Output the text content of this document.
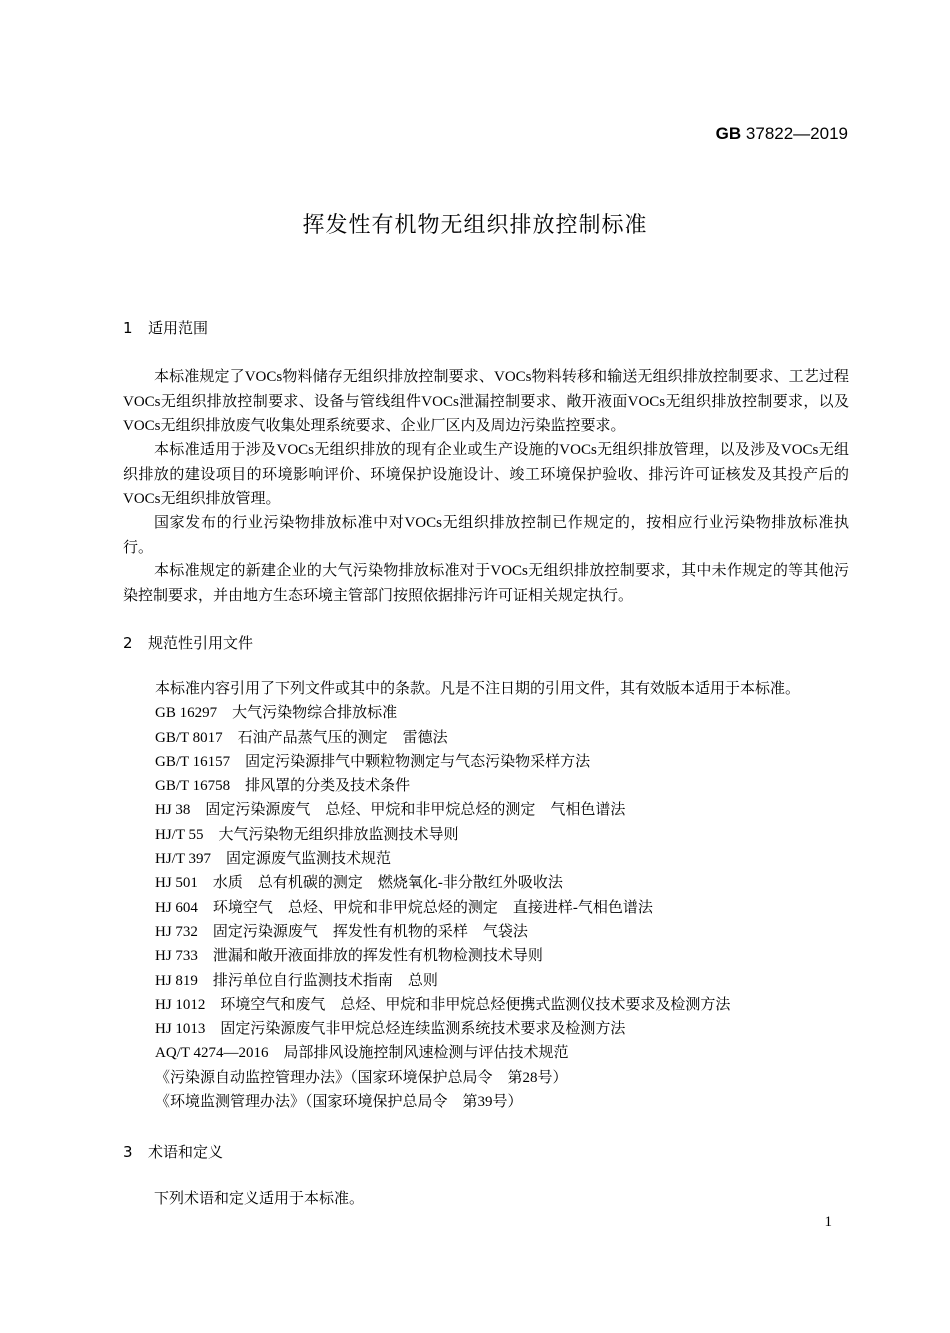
GB 37822—2019
挥发性有机物无组织排放控制标准
1 适用范围
本标准规定了VOCs物料储存无组织排放控制要求、VOCs物料转移和输送无组织排放控制要求、工艺过程VOCs无组织排放控制要求、设备与管线组件VOCs泄漏控制要求、敞开液面VOCs无组织排放控制要求，以及VOCs无组织排放废气收集处理系统要求、企业厂区内及周边污染监控要求。
本标准适用于涉及VOCs无组织排放的现有企业或生产设施的VOCs无组织排放管理，以及涉及VOCs无组织排放的建设项目的环境影响评价、环境保护设施设计、竣工环境保护验收、排污许可证核发及其投产后的VOCs无组织排放管理。
国家发布的行业污染物排放标准中对VOCs无组织排放控制已作规定的，按相应行业污染物排放标准执行。
本标准规定的新建企业的大气污染物排放标准对于VOCs无组织排放控制要求，其中未作规定的等其他污染控制要求，并由地方生态环境主管部门按照依据排污许可证相关规定执行。
2 规范性引用文件
本标准内容引用了下列文件或其中的条款。凡是不注日期的引用文件，其有效版本适用于本标准。
GB 16297　大气污染物综合排放标准
GB/T 8017　石油产品蒸气压的测定　雷德法
GB/T 16157　固定污染源排气中颗粒物测定与气态污染物采样方法
GB/T 16758　排风罩的分类及技术条件
HJ 38　固定污染源废气　总烃、甲烷和非甲烷总烃的测定　气相色谱法
HJ/T 55　大气污染物无组织排放监测技术导则
HJ/T 397　固定源废气监测技术规范
HJ 501　水质　总有机碳的测定　燃烧氧化-非分散红外吸收法
HJ 604　环境空气　总烃、甲烷和非甲烷总烃的测定　直接进样-气相色谱法
HJ 732　固定污染源废气　挥发性有机物的采样　气袋法
HJ 733　泄漏和敞开液面排放的挥发性有机物检测技术导则
HJ 819　排污单位自行监测技术指南　总则
HJ 1012　环境空气和废气　总烃、甲烷和非甲烷总烃便携式监测仪技术要求及检测方法
HJ 1013　固定污染源废气非甲烷总烃连续监测系统技术要求及检测方法
AQ/T 4274—2016　局部排风设施控制风速检测与评估技术规范
《污染源自动监控管理办法》（国家环境保护总局令　第28号）
《环境监测管理办法》（国家环境保护总局令　第39号）
3 术语和定义
下列术语和定义适用于本标准。
1
